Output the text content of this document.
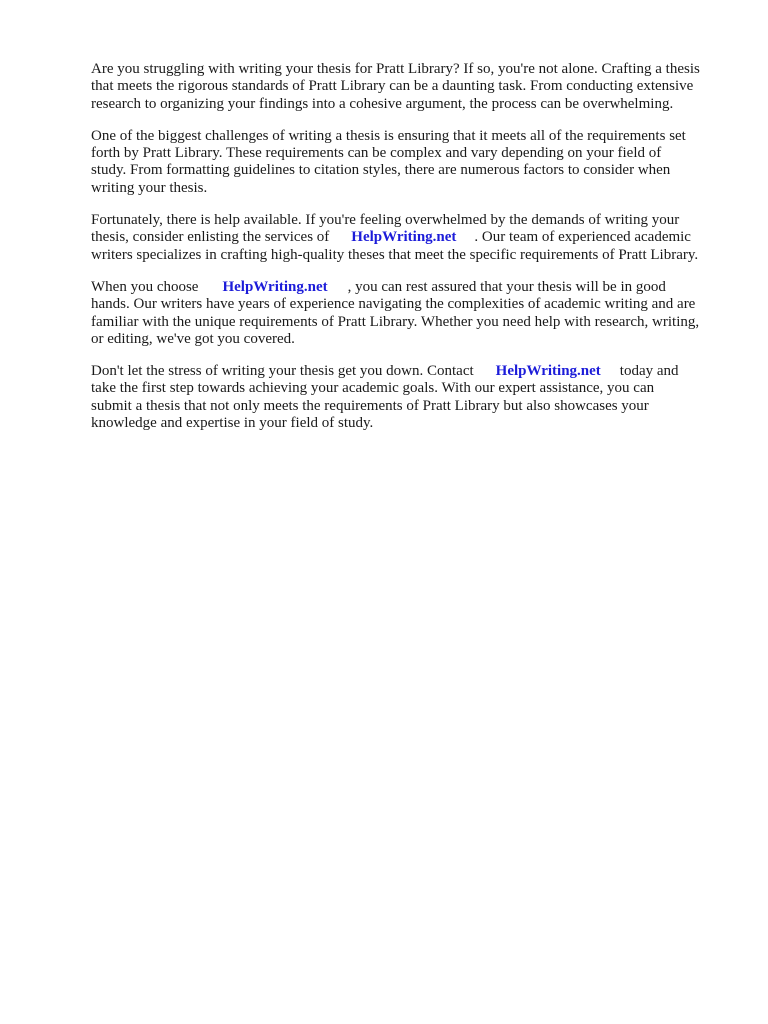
Are you struggling with writing your thesis for Pratt Library? If so, you're not alone. Crafting a thesis
that meets the rigorous standards of Pratt Library can be a daunting task. From conducting extensive
research to organizing your findings into a cohesive argument, the process can be overwhelming.

One of the biggest challenges of writing a thesis is ensuring that it meets all of the requirements set
forth by Pratt Library. These requirements can be complex and vary depending on your field of
study. From formatting guidelines to citation styles, there are numerous factors to consider when
writing your thesis.

Fortunately, there is help available. If you're feeling overwhelmed by the demands of writing your
thesis, consider enlisting the services of HelpWriting.net . Our team of experienced academic
writers specializes in crafting high-quality theses that meet the specific requirements of Pratt Library.

When you choose HelpWriting.net , you can rest assured that your thesis will be in good
hands. Our writers have years of experience navigating the complexities of academic writing and are
familiar with the unique requirements of Pratt Library. Whether you need help with research, writing,
or editing, we've got you covered.

Don't let the stress of writing your thesis get you down. Contact HelpWriting.net today and
take the first step towards achieving your academic goals. With our expert assistance, you can
submit a thesis that not only meets the requirements of Pratt Library but also showcases your
knowledge and expertise in your field of study.
